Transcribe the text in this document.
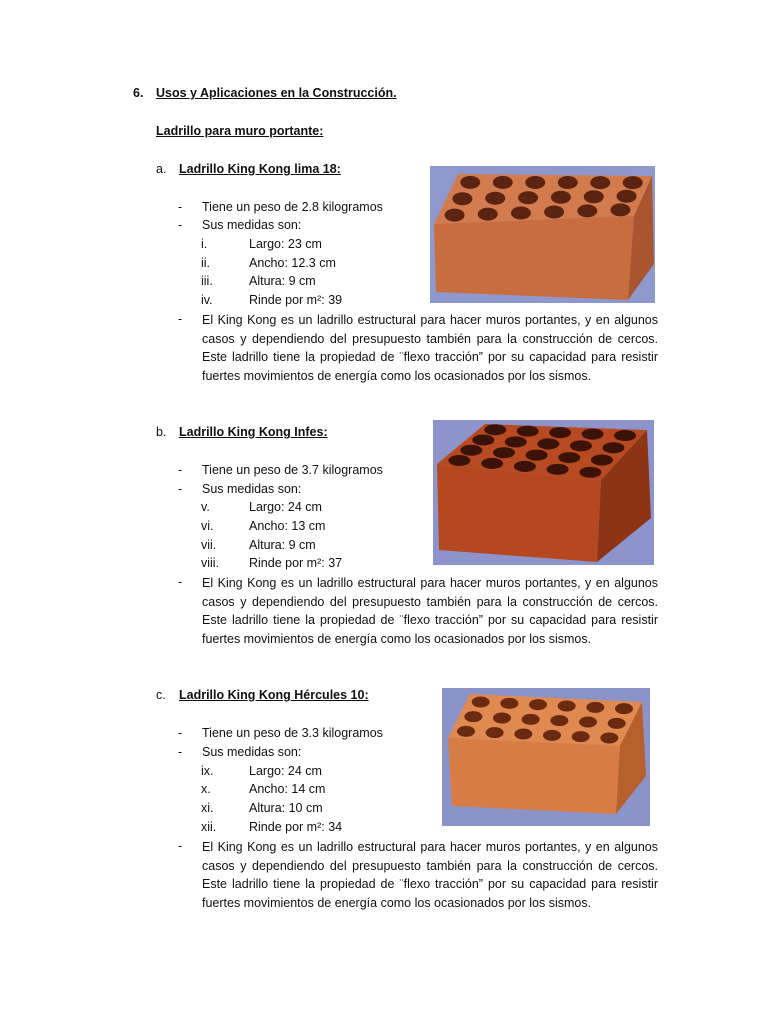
6. Usos y Aplicaciones en la Construcción.
Ladrillo para muro portante:
a. Ladrillo King Kong lima 18:
- Tiene un peso de 2.8 kilogramos
- Sus medidas son:
i.	Largo: 23 cm
ii.	Ancho: 12.3 cm
iii.	Altura: 9 cm
iv.	Rinde por m²: 39
- El King Kong es un ladrillo estructural para hacer muros portantes, y en algunos casos y dependiendo del presupuesto también para la construcción de cercos. Este ladrillo tiene la propiedad de ¨flexo tracción” por su capacidad para resistir fuertes movimientos de energía como los ocasionados por los sismos.
b. Ladrillo King Kong Infes:
- Tiene un peso de 3.7 kilogramos
- Sus medidas son:
v.	Largo: 24 cm
vi.	Ancho: 13 cm
vii.	Altura: 9 cm
viii. Rinde por m²: 37
- El King Kong es un ladrillo estructural para hacer muros portantes, y en algunos casos y dependiendo del presupuesto también para la construcción de cercos. Este ladrillo tiene la propiedad de ¨flexo tracción” por su capacidad para resistir fuertes movimientos de energía como los ocasionados por los sismos.
c. Ladrillo King Kong Hércules 10:
- Tiene un peso de 3.3 kilogramos
- Sus medidas son:
ix.	Largo: 24 cm
x.	Ancho: 14 cm
xi.	Altura: 10 cm
xii.	Rinde por m²: 34
- El King Kong es un ladrillo estructural para hacer muros portantes, y en algunos casos y dependiendo del presupuesto también para la construcción de cercos. Este ladrillo tiene la propiedad de ¨flexo tracción” por su capacidad para resistir fuertes movimientos de energía como los ocasionados por los sismos.
